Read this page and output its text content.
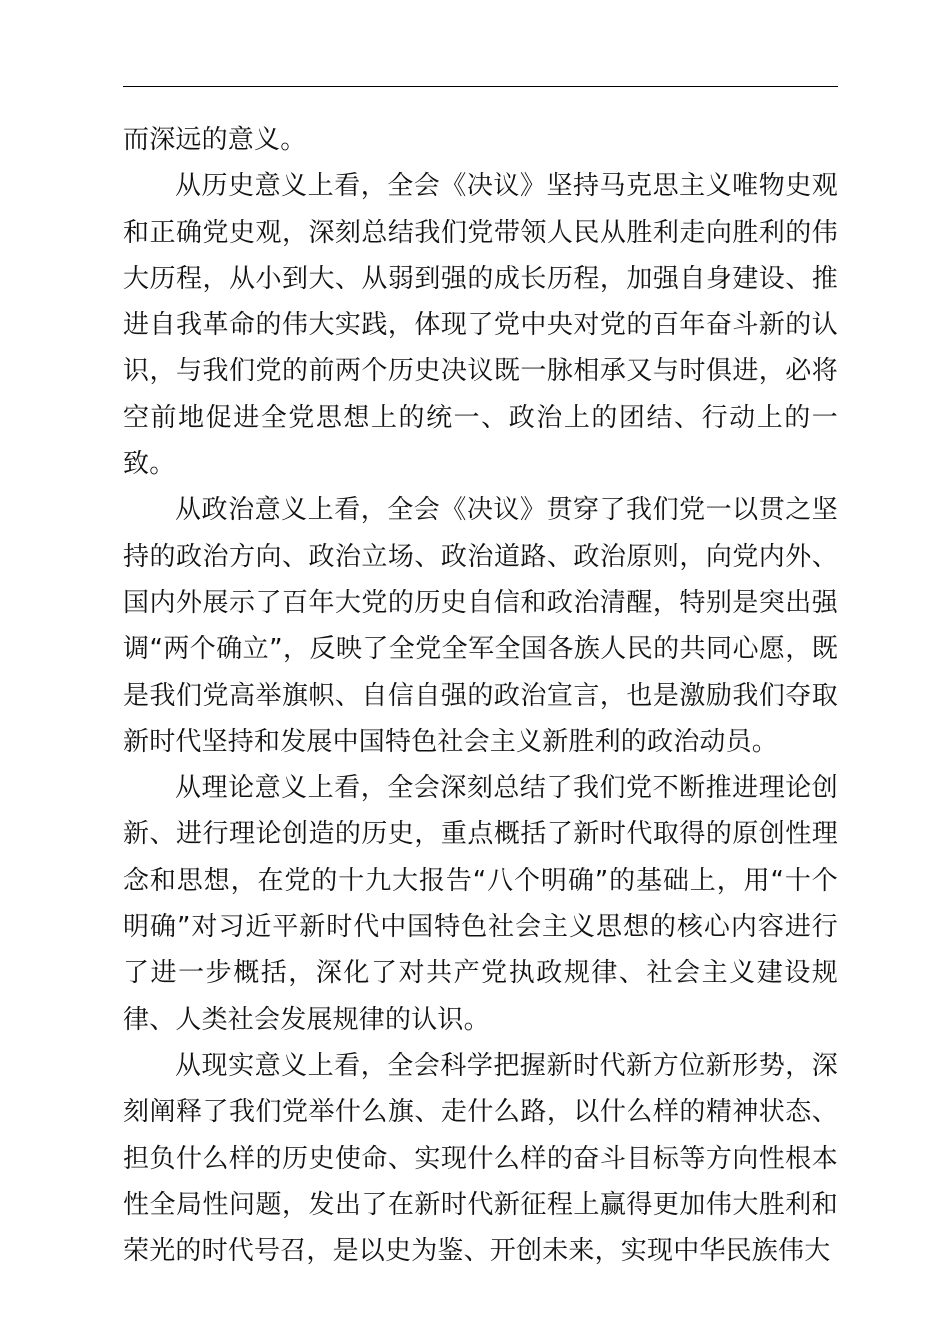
而深远的意义。

从历史意义上看，全会《决议》坚持马克思主义唯物史观和正确党史观，深刻总结我们党带领人民从胜利走向胜利的伟大历程，从小到大、从弱到强的成长历程，加强自身建设、推进自我革命的伟大实践，体现了党中央对党的百年奋斗新的认识，与我们党的前两个历史决议既一脉相承又与时俱进，必将空前地促进全党思想上的统一、政治上的团结、行动上的一致。

从政治意义上看，全会《决议》贯穿了我们党一以贯之坚持的政治方向、政治立场、政治道路、政治原则，向党内外、国内外展示了百年大党的历史自信和政治清醒，特别是突出强调“两个确立”，反映了全党全军全国各族人民的共同心愿，既是我们党高举旗帜、自信自强的政治宣言，也是激励我们夺取新时代坚持和发展中国特色社会主义新胜利的政治动员。

从理论意义上看，全会深刻总结了我们党不断推进理论创新、进行理论创造的历史，重点概括了新时代取得的原创性理念和思想，在党的十九大报告“八个明确”的基础上，用“十个明确”对习近平新时代中国特色社会主义思想的核心内容进行了进一步概括，深化了对共产党执政规律、社会主义建设规律、人类社会发展规律的认识。

从现实意义上看，全会科学把握新时代新方位新形势，深刻阐释了我们党举什么旗、走什么路，以什么样的精神状态、担负什么样的历史使命、实现什么样的奋斗目标等方向性根本性全局性问题，发出了在新时代新征程上赢得更加伟大胜利和荣光的时代号召，是以史为鉴、开创未来，实现中华民族伟大
